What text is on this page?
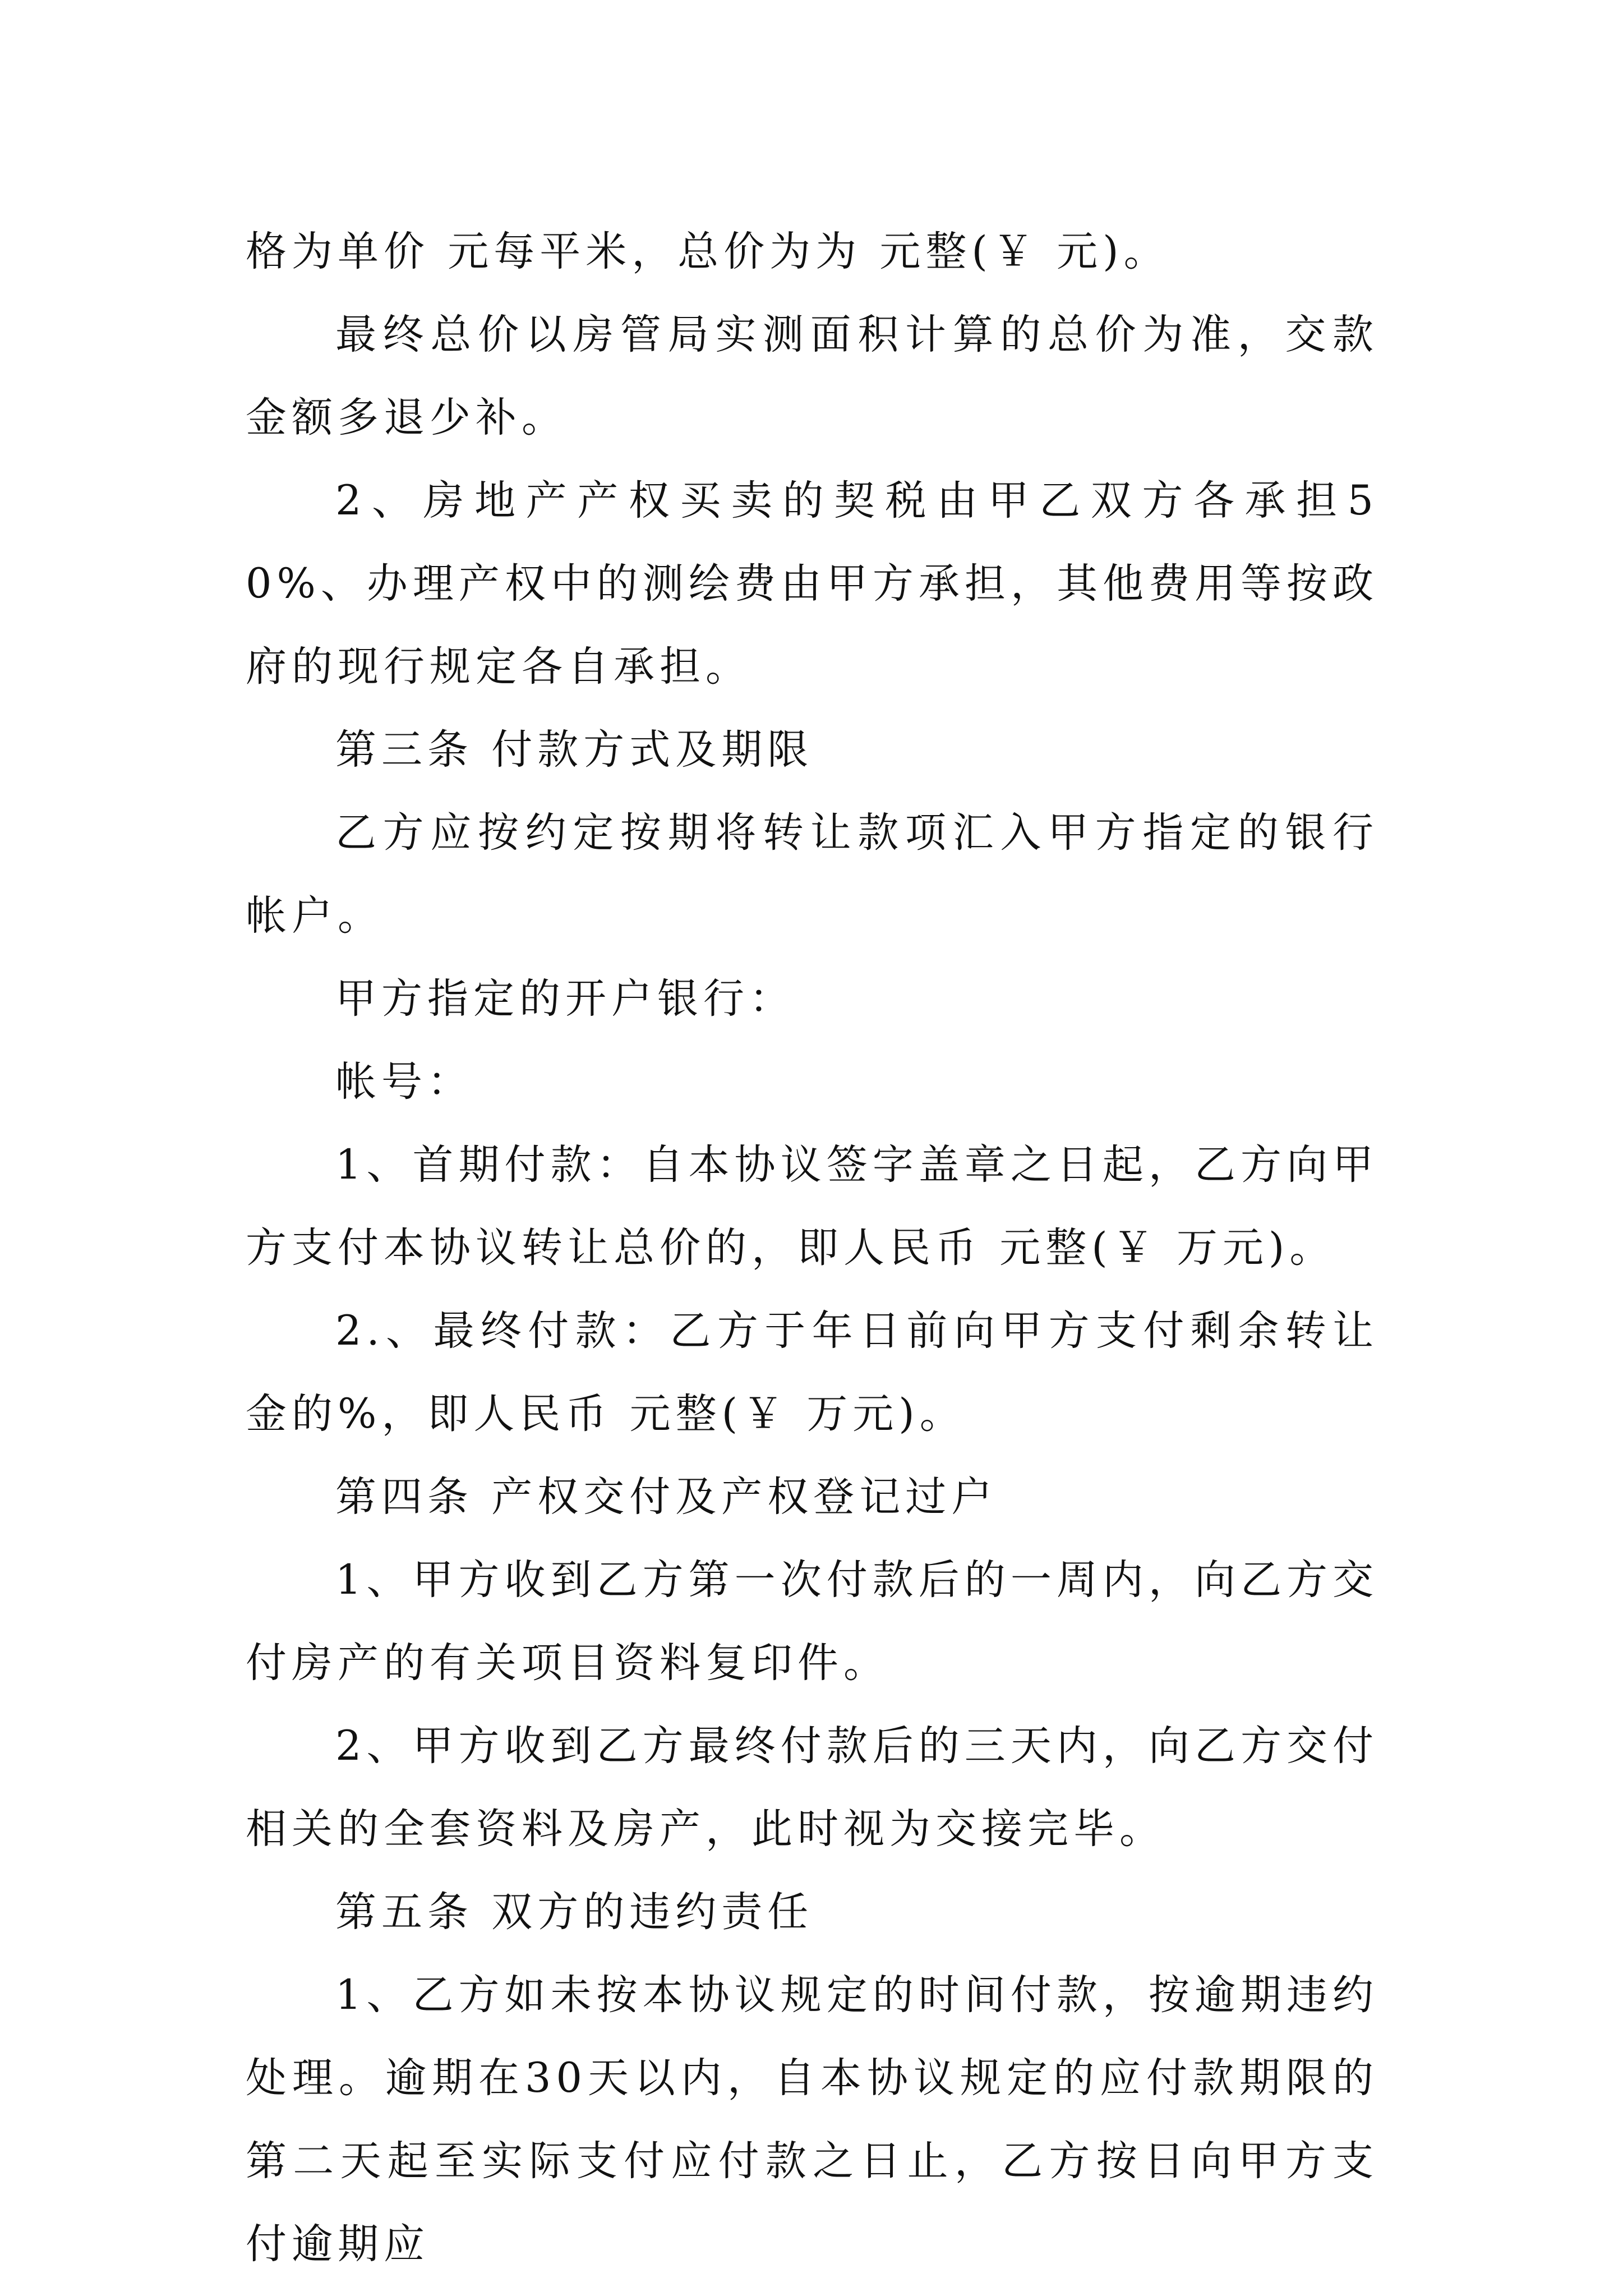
格为单价 元每平米，总价为为 元整(￥ 元)。

最终总价以房管局实测面积计算的总价为准，交款金额多退少补。

2、房地产产权买卖的契税由甲乙双方各承担50%、办理产权中的测绘费由甲方承担，其他费用等按政府的现行规定各自承担。

第三条 付款方式及期限

乙方应按约定按期将转让款项汇入甲方指定的银行帐户。

甲方指定的开户银行：

帐号：

1、首期付款：自本协议签字盖章之日起，乙方向甲方支付本协议转让总价的，即人民币 元整(￥ 万元)。

2.、最终付款：乙方于年日前向甲方支付剩余转让金的%，即人民币 元整(￥ 万元)。

第四条 产权交付及产权登记过户

1、甲方收到乙方第一次付款后的一周内，向乙方交付房产的有关项目资料复印件。

2、甲方收到乙方最终付款后的三天内，向乙方交付相关的全套资料及房产，此时视为交接完毕。

第五条 双方的违约责任

1、乙方如未按本协议规定的时间付款，按逾期违约处理。逾期在30天以内，自本协议规定的应付款期限的第二天起至实际支付应付款之日止，乙方按日向甲方支付逾期应
